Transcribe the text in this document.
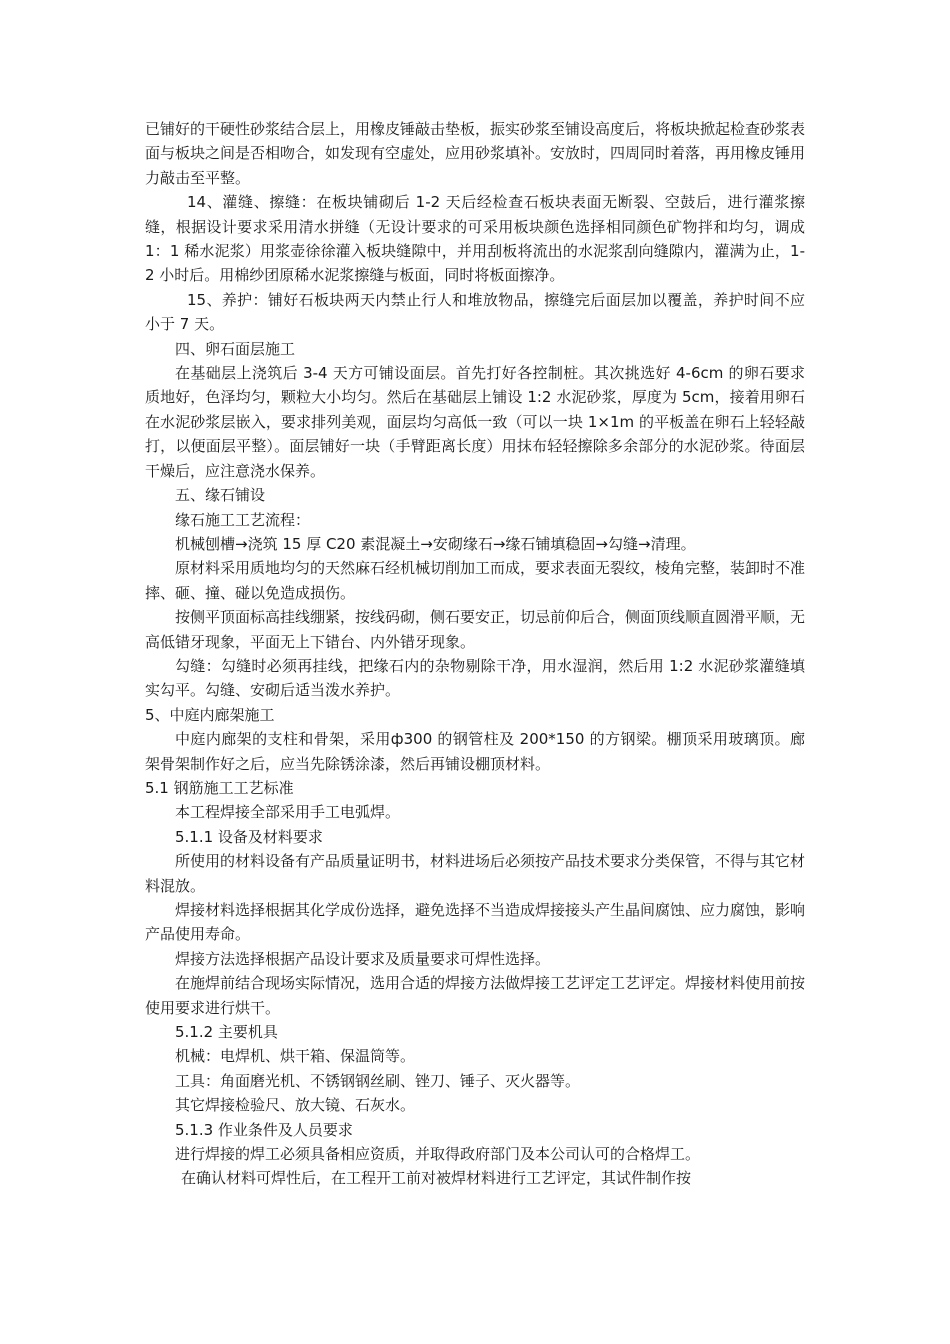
已铺好的干硬性砂浆结合层上，用橡皮锤敲击垫板，振实砂浆至铺设高度后，将板块掀起检查砂浆表面与板块之间是否相吻合，如发现有空虚处，应用砂浆填补。安放时，四周同时着落，再用橡皮锤用力敲击至平整。

14、灌缝、擦缝：在板块铺砌后 1-2 天后经检查石板块表面无断裂、空鼓后，进行灌浆擦缝，根据设计要求采用清水拼缝（无设计要求的可采用板块颜色选择相同颜色矿物拌和均匀，调成 1：1 稀水泥浆）用浆壶徐徐灌入板块缝隙中，并用刮板将流出的水泥浆刮向缝隙内，灌满为止，1-2 小时后。用棉纱团原稀水泥浆擦缝与板面，同时将板面擦净。

15、养护：铺好石板块两天内禁止行人和堆放物品，擦缝完后面层加以覆盖，养护时间不应小于 7 天。

四、卵石面层施工

在基础层上浇筑后 3-4 天方可铺设面层。首先打好各控制桩。其次挑选好 4-6cm 的卵石要求质地好，色泽均匀，颗粒大小均匀。然后在基础层上铺设 1:2 水泥砂浆，厚度为 5cm，接着用卵石在水泥砂浆层嵌入，要求排列美观，面层均匀高低一致（可以一块 1×1m 的平板盖在卵石上轻轻敲打，以便面层平整）。面层铺好一块（手臂距离长度）用抹布轻轻擦除多余部分的水泥砂浆。待面层干燥后，应注意浇水保养。

五、缘石铺设

缘石施工工艺流程：

机械刨槽→浇筑 15 厚 C20 素混凝土→安砌缘石→缘石铺填稳固→勾缝→清理。

原材料采用质地均匀的天然麻石经机械切削加工而成，要求表面无裂纹，棱角完整，装卸时不准摔、砸、撞、碰以免造成损伤。

按侧平顶面标高挂线绷紧，按线码砌，侧石要安正，切忌前仰后合，侧面顶线顺直圆滑平顺，无高低错牙现象，平面无上下错台、内外错牙现象。

勾缝：勾缝时必须再挂线，把缘石内的杂物剔除干净，用水湿润，然后用 1:2 水泥砂浆灌缝填实勾平。勾缝、安砌后适当泼水养护。

5、中庭内廊架施工

中庭内廊架的支柱和骨架，采用ф300 的钢管柱及 200*150 的方钢梁。棚顶采用玻璃顶。廊架骨架制作好之后，应当先除锈涂漆，然后再铺设棚顶材料。

5.1 钢筋施工工艺标准

本工程焊接全部采用手工电弧焊。

5.1.1 设备及材料要求

所使用的材料设备有产品质量证明书，材料进场后必须按产品技术要求分类保管，不得与其它材料混放。

焊接材料选择根据其化学成份选择，避免选择不当造成焊接接头产生晶间腐蚀、应力腐蚀，影响产品使用寿命。

焊接方法选择根据产品设计要求及质量要求可焊性选择。

在施焊前结合现场实际情况，选用合适的焊接方法做焊接工艺评定工艺评定。焊接材料使用前按使用要求进行烘干。

5.1.2 主要机具

机械：电焊机、烘干箱、保温筒等。

工具：角面磨光机、不锈钢钢丝刷、锉刀、锤子、灭火器等。

其它焊接检验尺、放大镜、石灰水。

5.1.3 作业条件及人员要求

进行焊接的焊工必须具备相应资质，并取得政府部门及本公司认可的合格焊工。

在确认材料可焊性后，在工程开工前对被焊材料进行工艺评定，其试件制作按
